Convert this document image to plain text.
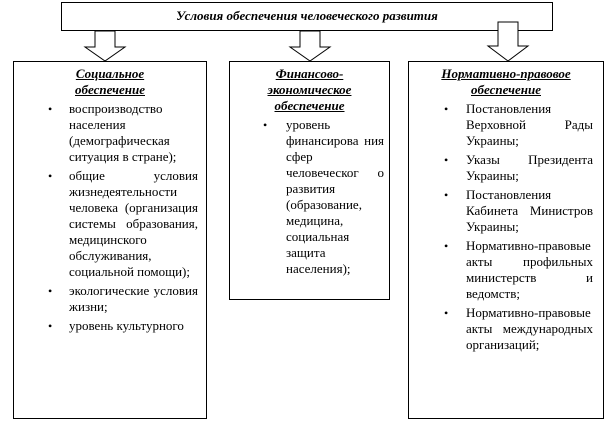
Условия обеспечения человеческого развития
Социальное
обеспечение
• воспроизводство населения (демографическая ситуация в стране);
• общие условия жизнедеятельности человека (организация системы образования, медицинского обслуживания, социальной помощи);
• экологические условия жизни;
• уровень культурного
Финансово-
экономическое
обеспечение
• уровень финансирова ния сфер человеческог о развития (образование, медицина, социальная защита населения);
Нормативно-правовое
обеспечение
• Постановления Верховной Рады Украины;
• Указы Президента Украины;
• Постановления Кабинета Министров Украины;
• Нормативно-правовые акты профильных министерств и ведомств;
• Нормативно-правовые акты международных организаций;
